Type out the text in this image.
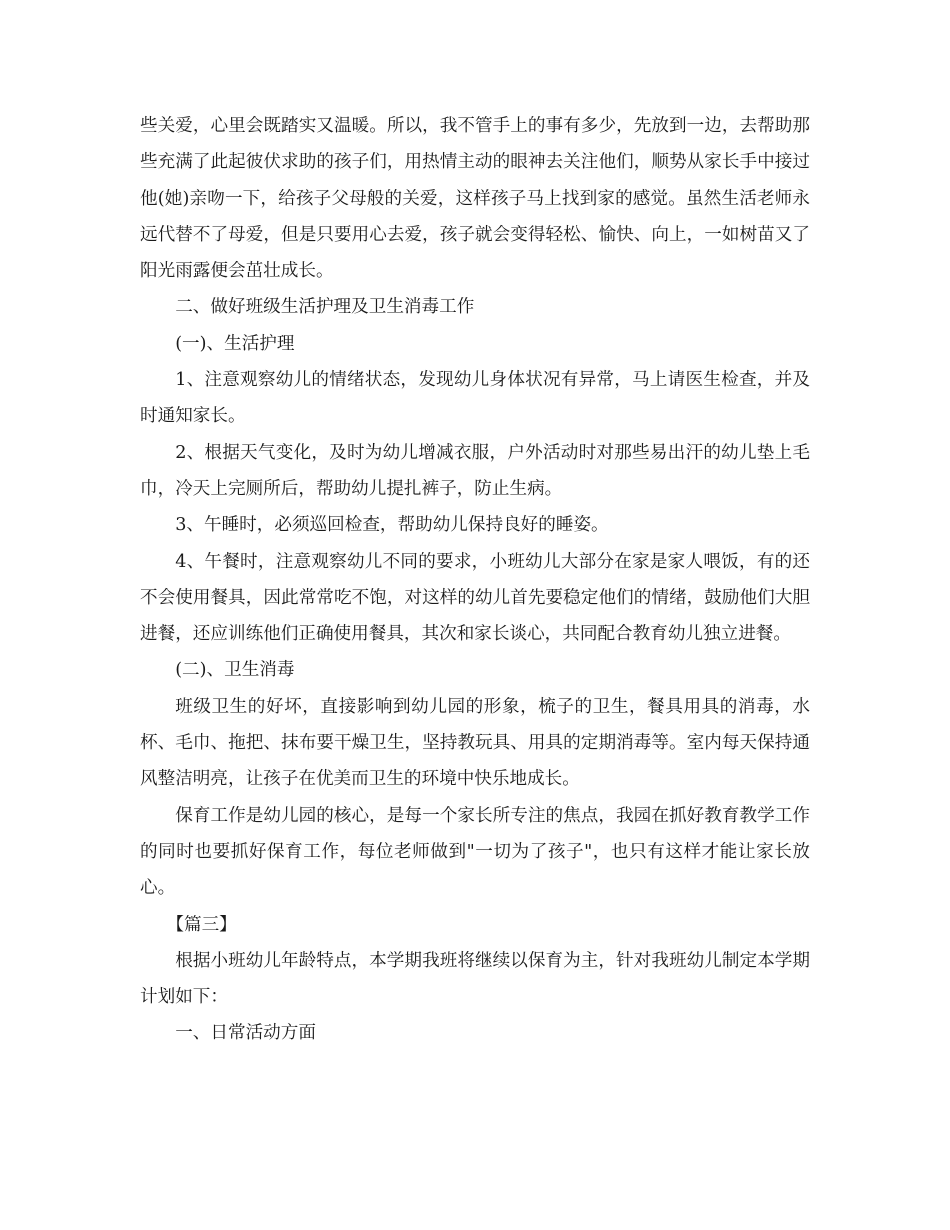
些关爱，心里会既踏实又温暖。所以，我不管手上的事有多少，先放到一边，去帮助那些充满了此起彼伏求助的孩子们，用热情主动的眼神去关注他们，顺势从家长手中接过他(她)亲吻一下，给孩子父母般的关爱，这样孩子马上找到家的感觉。虽然生活老师永远代替不了母爱，但是只要用心去爱，孩子就会变得轻松、愉快、向上，一如树苗又了阳光雨露便会茁壮成长。

二、做好班级生活护理及卫生消毒工作

(一)、生活护理

1、注意观察幼儿的情绪状态，发现幼儿身体状况有异常，马上请医生检查，并及时通知家长。

2、根据天气变化，及时为幼儿增减衣服，户外活动时对那些易出汗的幼儿垫上毛巾，冷天上完厕所后，帮助幼儿提扎裤子，防止生病。

3、午睡时，必须巡回检查，帮助幼儿保持良好的睡姿。

4、午餐时，注意观察幼儿不同的要求，小班幼儿大部分在家是家人喂饭，有的还不会使用餐具，因此常常吃不饱，对这样的幼儿首先要稳定他们的情绪，鼓励他们大胆进餐，还应训练他们正确使用餐具，其次和家长谈心，共同配合教育幼儿独立进餐。

(二)、卫生消毒

班级卫生的好坏，直接影响到幼儿园的形象，梳子的卫生，餐具用具的消毒，水杯、毛巾、拖把、抹布要干燥卫生，坚持教玩具、用具的定期消毒等。室内每天保持通风整洁明亮，让孩子在优美而卫生的环境中快乐地成长。

保育工作是幼儿园的核心，是每一个家长所专注的焦点，我园在抓好教育教学工作的同时也要抓好保育工作，每位老师做到"一切为了孩子"，也只有这样才能让家长放心。

【篇三】

根据小班幼儿年龄特点，本学期我班将继续以保育为主，针对我班幼儿制定本学期计划如下：

一、日常活动方面
